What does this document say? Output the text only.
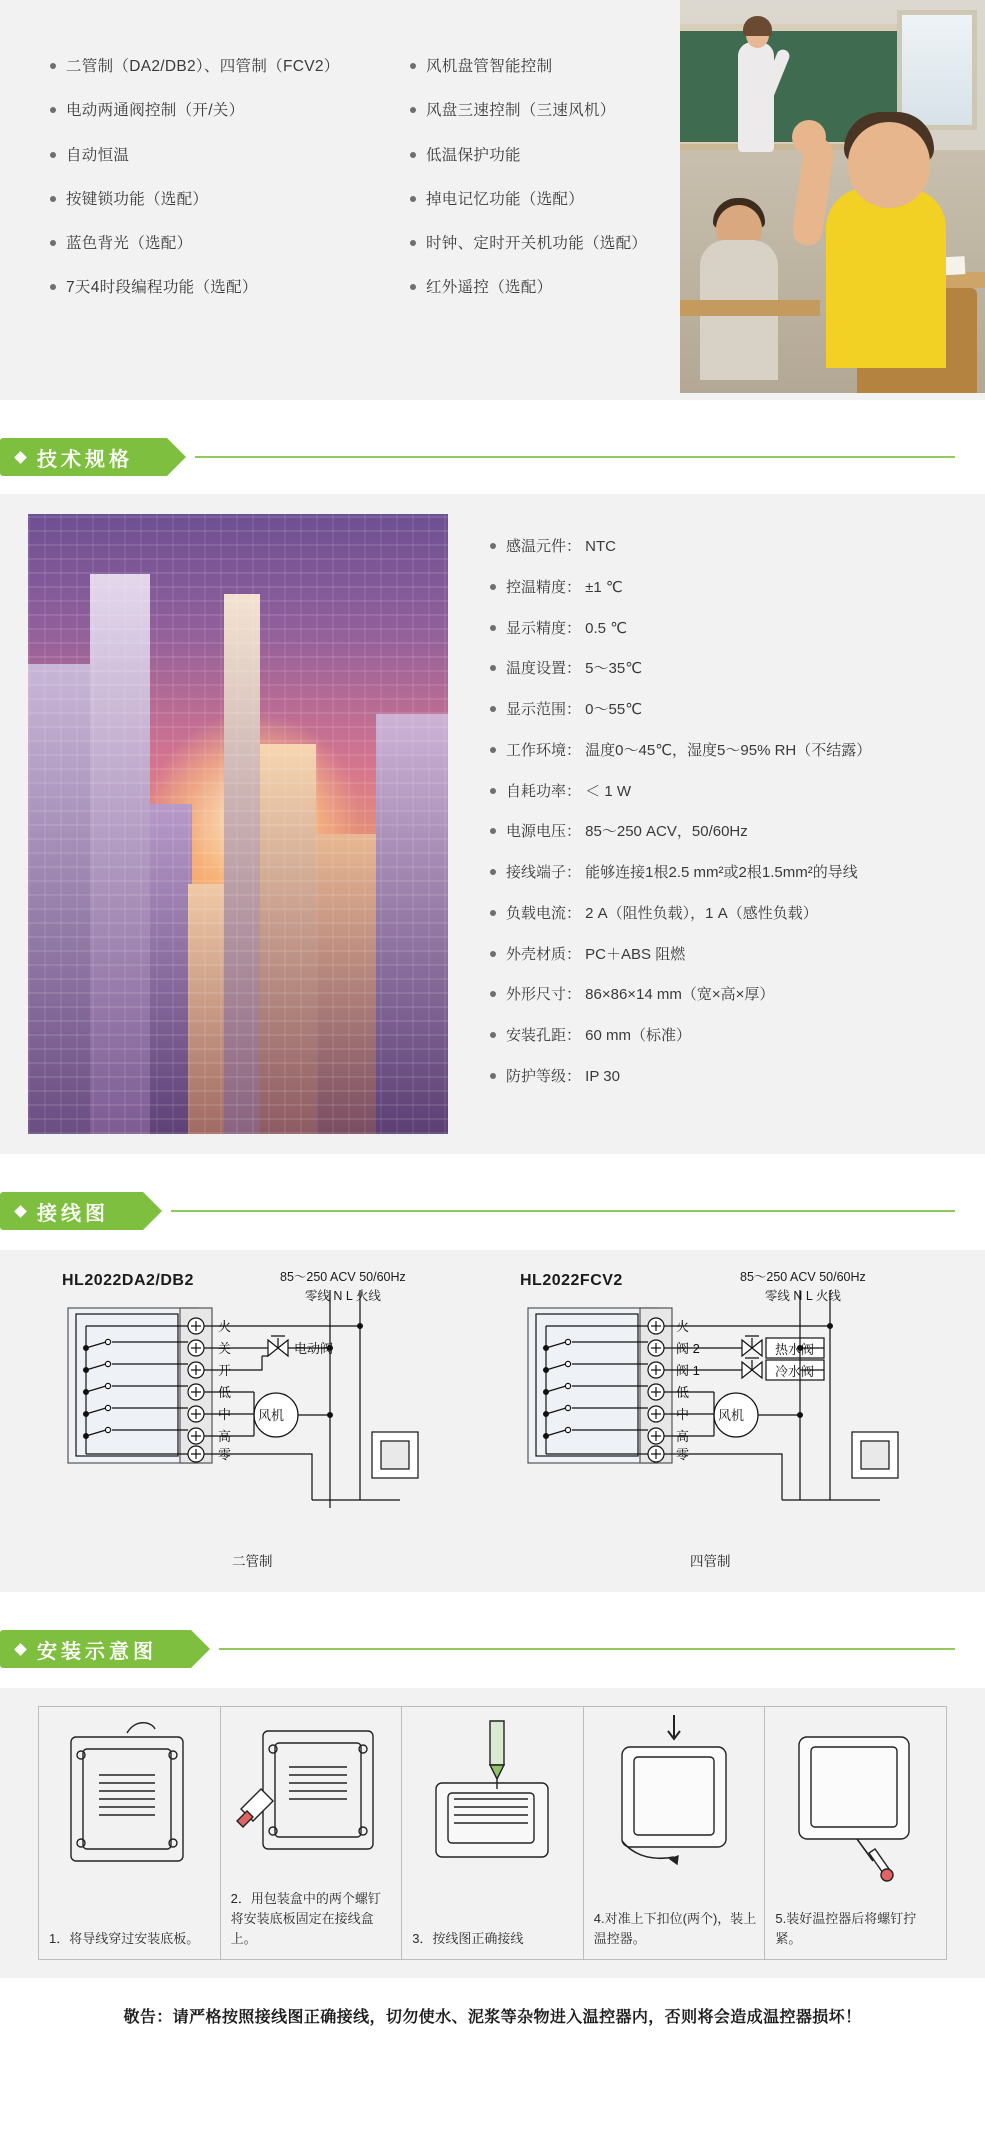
二管制（DA2/DB2）、四管制（FCV2）
电动两通阀控制（开/关）
自动恒温
按键锁功能（选配）
蓝色背光（选配）
7天4时段编程功能（选配）
风机盘管智能控制
风盘三速控制（三速风机）
低温保护功能
掉电记忆功能（选配）
时钟、定时开关机功能（选配）
红外遥控（选配）
技术规格
感温元件： NTC
控温精度： ±1 ℃
显示精度： 0.5 ℃
温度设置： 5～35℃
显示范围： 0～55℃
工作环境： 温度0～45℃，湿度5～95% RH（不结露）
自耗功率： ＜ 1 W
电源电压： 85～250 ACV，50/60Hz
接线端子： 能够连接1根2.5 mm²或2根1.5mm²的导线
负载电流： 2 A（阻性负载），1 A（感性负载）
外壳材质： PC＋ABS 阻燃
外形尺寸： 86×86×14 mm（宽×高×厚）
安装孔距： 60 mm（标准）
防护等级： IP 30
接线图
HL2022DA2/DB2	85～250 ACV 50/60Hz
零线 N L 火线
二管制
HL2022FCV2	85～250 ACV 50/60Hz
零线 N L 火线
四管制
火
关
开
低
中
高
零
电动阀
风机
火
阀 2
阀 1
低
中
高
零
热水阀
冷水阀
风机
安装示意图
1．将导线穿过安装底板。
2．用包装盒中的两个螺钉将安装底板固定在接线盒上。	3．按线图正确接线
4.对准上下扣位(两个)，装上温控器。
5.装好温控器后将螺钉拧紧。
敬告：请严格按照接线图正确接线，切勿使水、泥浆等杂物进入温控器内，否则将会造成温控器损坏！
